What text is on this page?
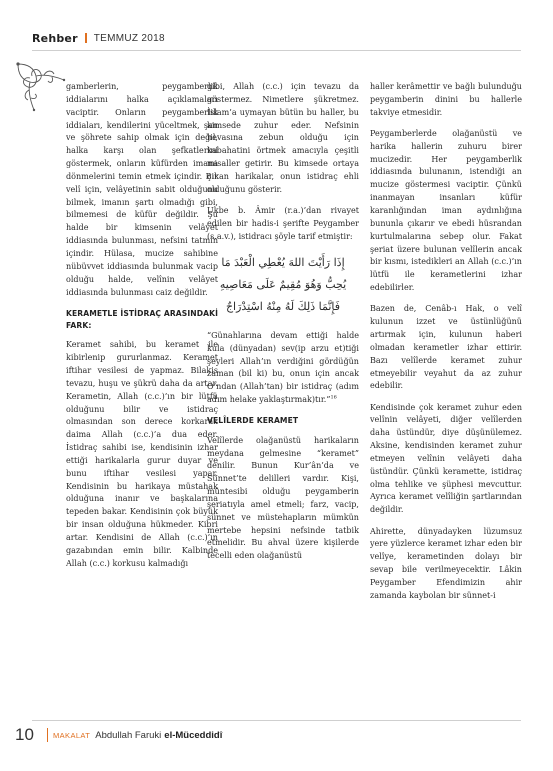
Rehber TEMMUZ 2018

gamberlerin, peygamberlik iddialarını halka açıklamaları vaciptir. Onların peygamberlik iddiaları, kendilerini yüceltmek, şan ve şöhrete sahip olmak için değil, halka karşı olan şefkatlerini göstermek, onların küfürden imana dönmelerini temin etmek içindir. Bir velî için, velâyetinin sabit olduğunu bilmek, imanın şartı olmadığı gibi, bilmemesi de küfür değildir. Şu halde bir kimsenin velâyet iddiasında bulunması, nefsini tatmin içindir. Hülasa, mucize sahibine nübüvvet iddiasında bulunmak vacip olduğu halde, velînin velâyet iddiasında bulunması caiz değildir.

KERAMETLE İSTİDRAÇ ARASINDAKİ FARK:

Keramet sahibi, bu keramet ile kibirlenip gururlanmaz. Keramet iftihar vesilesi de yapmaz. Bilakis tevazu, huşu ve şükrü daha da artar. Kerametin, Allah (c.c.)’ın bir lütfü olduğunu bilir ve istidraç olmasından son derece korkarak daima Allah (c.c.)’a dua eder. İstidraç sahibi ise, kendisinin izhar ettiği harikalarla gurur duyar ve bunu iftihar vesilesi yapar. Kendisinin bu harikaya müstahak olduğuna inanır ve başkalarına tepeden bakar. Kendisinin çok büyük bir insan olduğuna hükmeder. Kibri artar. Kendisini de Allah (c.c.)’ın gazabından emin bilir. Kalbinde Allah (c.c.) korkusu kalmadığı

gibi, Allah (c.c.) için tevazu da göstermez. Nimetlere şükretmez. İslam’a uymayan bütün bu haller, bu kimsede zuhur eder. Nefsinin hevasına zebun olduğu için kabahatini örtmek amacıyla çeşitli misaller getirir. Bu kimsede ortaya çıkan harikalar, onun istidraç ehli olduğunu gösterir.

Ukbe b. Âmir (r.a.)’dan rivayet edilen bir hadis-i şerifte Peygamber (s.a.v.), istidracı şöyle tarif etmiştir:

إِذَا رَأَيْتَ اللهَ يُعْطِي الْعَبْدَ مَا
يُحِبُّ وَهُوَ مُقِيمٌ عَلَى مَعَاصِيهِ
فَإِنَّمَا ذَلِكَ لَهُ مِنْهُ اسْتِدْرَاجٌ

“Günahlarına devam ettiği halde kula (dünyadan) sev(ip arzu et)tiği şeyleri Allah’ın verdiğini gördüğün zaman (bil ki) bu, onun için ancak O’ndan (Allah’tan) bir istidraç (adım adım helake yaklaştırmak)tır.”$^{16}$

VELÎLERDE KERAMET

Velîlerde olağanüstü harikaların meydana gelmesine “keramet” denilir. Bunun Kur’ân’da ve Sünnet’te delilleri vardır. Kişi, müntesibi olduğu peygamberin şeriatıyla amel etmeli; farz, vacip, sünnet ve müstehapların mümkün mertebe hepsini nefsinde tatbik etmelidir. Bu ahval üzere kişilerde tecelli eden olağanüstü

haller kerâmettir ve bağlı bulunduğu peygamberin dinini bu hallerle takviye etmesidir.

Peygamberlerde olağanüstü ve harika hallerin zuhuru birer mucizedir. Her peygamberlik iddiasında bulunanın, istendiği an mucize göstermesi vaciptir. Çünkü inanmayan insanları küfür karanlığından iman aydınlığına bununla çıkarır ve ebedi hüsrandan kurtulmalarına sebep olur. Fakat şeriat üzere bulunan velîlerin ancak bir kısmı, istedikleri an Allah (c.c.)’ın lütfü ile kerametlerini izhar edebilirler.

Bazen de, Cenâb-ı Hak, o velî kulunun izzet ve üstünlüğünü artırmak için, kulunun haberi olmadan kerametler izhar ettirir. Bazı velîlerde keramet zuhur etmeyebilir veyahut da az zuhur edebilir.

Kendisinde çok keramet zuhur eden velînin velâyeti, diğer velîlerden daha üstündür, diye düşünülemez. Aksine, kendisinden keramet zuhur etmeyen velînin velâyeti daha üstündür. Çünkü keramette, istidraç olma tehlike ve şüphesi mevcuttur. Ayrıca keramet velîliğin şartlarından değildir.

Ahirette, dünyadayken lüzumsuz yere yüzlerce keramet izhar eden bir velîye, kerametinden dolayı bir sevap bile verilmeyecektir. Lâkin Peygamber Efendimizin ahir zamanda kaybolan bir sünnet-i

10	MAKALAT Abdullah Faruki el-Müceddidî
